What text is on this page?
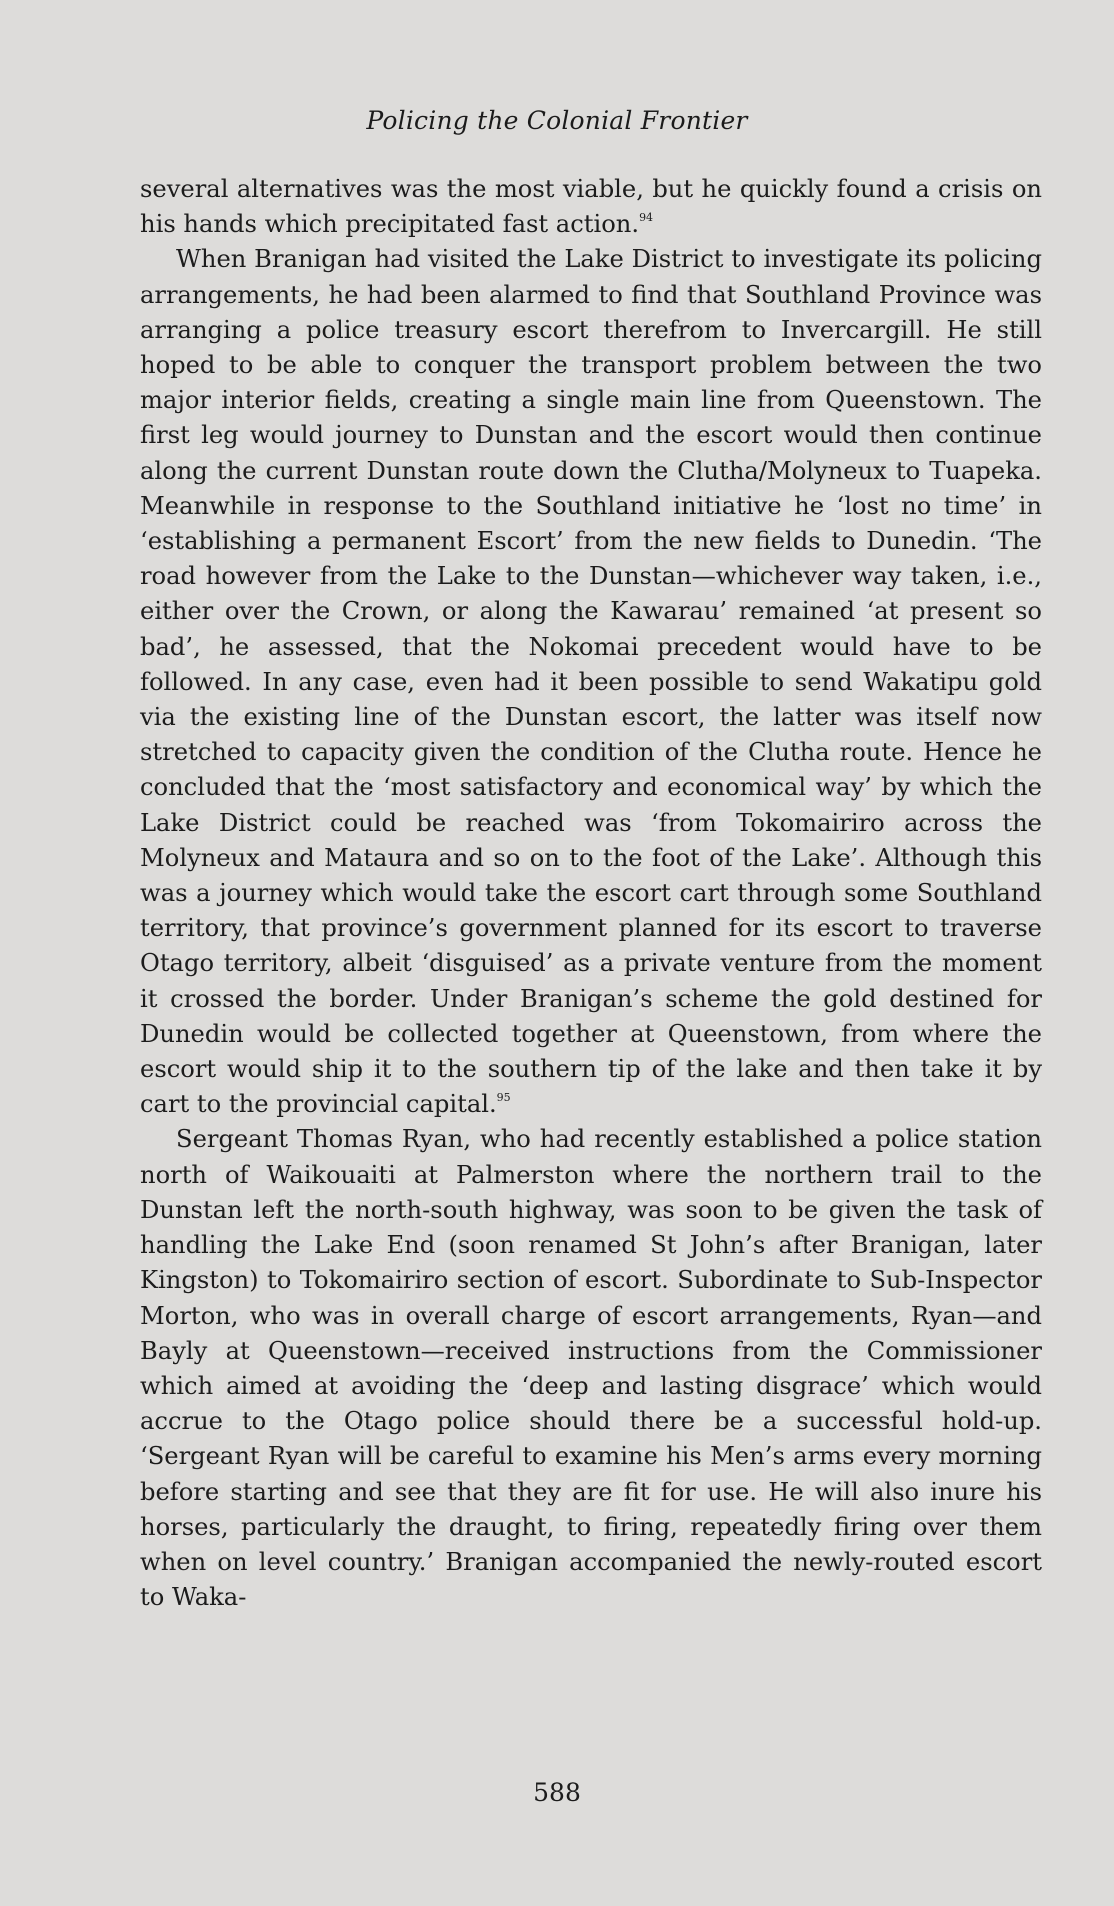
Policing the Colonial Frontier

several alternatives was the most viable, but he quickly found a crisis on his hands which precipitated fast action.$^{94}$

When Branigan had visited the Lake District to investigate its policing arrangements, he had been alarmed to find that Southland Province was arranging a police treasury escort therefrom to Invercargill. He still hoped to be able to conquer the transport problem between the two major interior fields, creating a single main line from Queenstown. The first leg would journey to Dunstan and the escort would then continue along the current Dunstan route down the Clutha/Molyneux to Tuapeka. Meanwhile in response to the Southland initiative he ‘lost no time’ in ‘establishing a permanent Escort’ from the new fields to Dunedin. ‘The road however from the Lake to the Dunstan—whichever way taken, i.e., either over the Crown, or along the Kawarau’ remained ‘at present so bad’, he assessed, that the Nokomai precedent would have to be followed. In any case, even had it been possible to send Wakatipu gold via the existing line of the Dunstan escort, the latter was itself now stretched to capacity given the condition of the Clutha route. Hence he concluded that the ‘most satisfactory and economical way’ by which the Lake District could be reached was ‘from Tokomairiro across the Molyneux and Mataura and so on to the foot of the Lake’. Although this was a journey which would take the escort cart through some Southland territory, that province’s government planned for its escort to traverse Otago territory, albeit ‘disguised’ as a private venture from the moment it crossed the border. Under Branigan’s scheme the gold destined for Dunedin would be collected together at Queenstown, from where the escort would ship it to the southern tip of the lake and then take it by cart to the provincial capital.$^{95}$

Sergeant Thomas Ryan, who had recently established a police station north of Waikouaiti at Palmerston where the northern trail to the Dunstan left the north-south highway, was soon to be given the task of handling the Lake End (soon renamed St John’s after Branigan, later Kingston) to Tokomairiro section of escort. Subordinate to Sub-Inspector Morton, who was in overall charge of escort arrangements, Ryan—and Bayly at Queenstown—received instructions from the Commissioner which aimed at avoiding the ‘deep and lasting disgrace’ which would accrue to the Otago police should there be a successful hold-up. ‘Sergeant Ryan will be careful to examine his Men’s arms every morning before starting and see that they are fit for use. He will also inure his horses, particularly the draught, to firing, repeatedly firing over them when on level country.’ Branigan accompanied the newly-routed escort to Waka-

588
